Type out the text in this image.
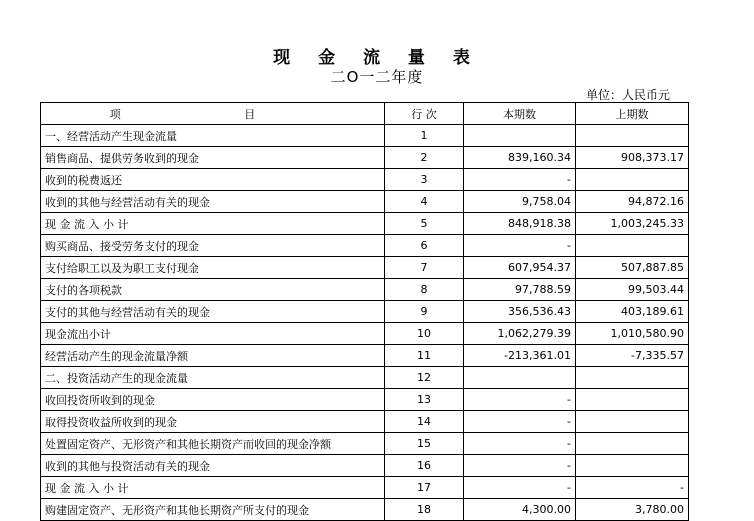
现 金 流 量 表
二O一二年度
单位：人民币元
项 目	行 次	本期数	上期数
一、经营活动产生现金流量	1		
销售商品、提供劳务收到的现金	2	839,160.34	908,373.17
收到的税费返还	3	-	
收到的其他与经营活动有关的现金	4	9,758.04	94,872.16
现 金 流 入 小 计	5	848,918.38	1,003,245.33
购买商品、接受劳务支付的现金	6	-	
支付给职工以及为职工支付现金	7	607,954.37	507,887.85
支付的各项税款	8	97,788.59	99,503.44
支付的其他与经营活动有关的现金	9	356,536.43	403,189.61
现金流出小计	10	1,062,279.39	1,010,580.90
经营活动产生的现金流量净额	11	-213,361.01	-7,335.57
二、投资活动产生的现金流量	12		
收回投资所收到的现金	13	-	
取得投资收益所收到的现金	14	-	
处置固定资产、无形资产和其他长期资产而收回的现金净额	15	-	
收到的其他与投资活动有关的现金	16	-	
现 金 流 入 小 计	17	-	-
购建固定资产、无形资产和其他长期资产所支付的现金	18	4,300.00	3,780.00
